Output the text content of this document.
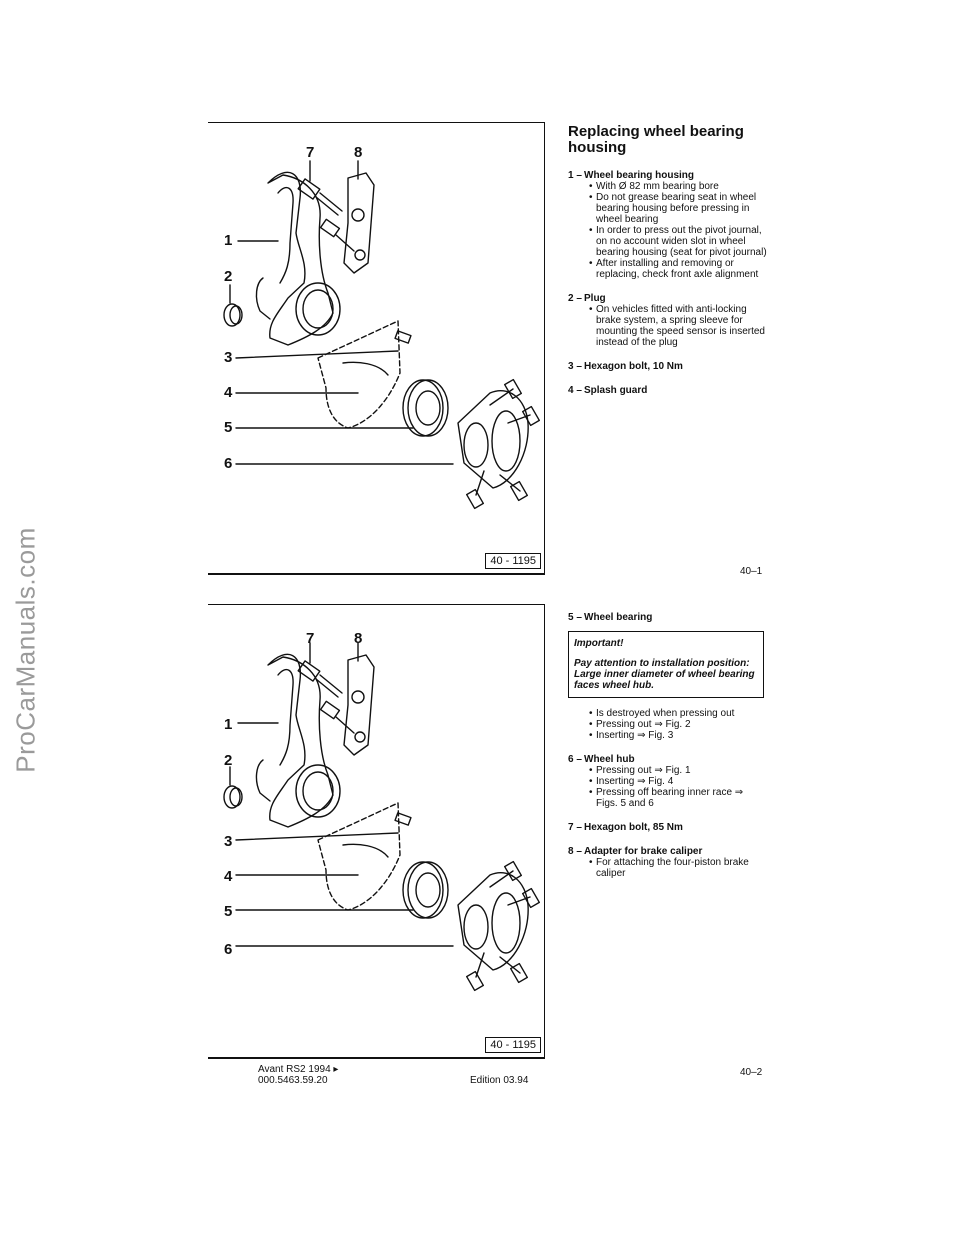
ProCarManuals.com
7	8
1
2
3
4
5
6
40 - 1195
7	8
1
2
3
4
5
6
40 - 1195
Replacing wheel bearing housing
1 – Wheel bearing housing
• With Ø 82 mm bearing bore
• Do not grease bearing seat in wheel bearing housing before pressing in wheel bearing
• In order to press out the pivot journal, on no account widen slot in wheel bearing housing (seat for pivot journal)
• After installing and removing or replacing, check front axle alignment
2 – Plug
• On vehicles fitted with anti-locking brake system, a spring sleeve for mounting the speed sensor is inserted instead of the plug
3 – Hexagon bolt, 10 Nm
4 – Splash guard
40–1
5 – Wheel bearing
Important!
Pay attention to installation position: Large inner diameter of wheel bearing faces wheel hub.
• Is destroyed when pressing out
• Pressing out ⇒ Fig. 2
• Inserting ⇒ Fig. 3
6 – Wheel hub
• Pressing out ⇒ Fig. 1
• Inserting ⇒ Fig. 4
• Pressing off bearing inner race ⇒ Figs. 5 and 6
7 – Hexagon bolt, 85 Nm
8 – Adapter for brake caliper
• For attaching the four-piston brake caliper
40–2
Avant RS2 1994 ▸
000.5463.59.20	Edition 03.94
